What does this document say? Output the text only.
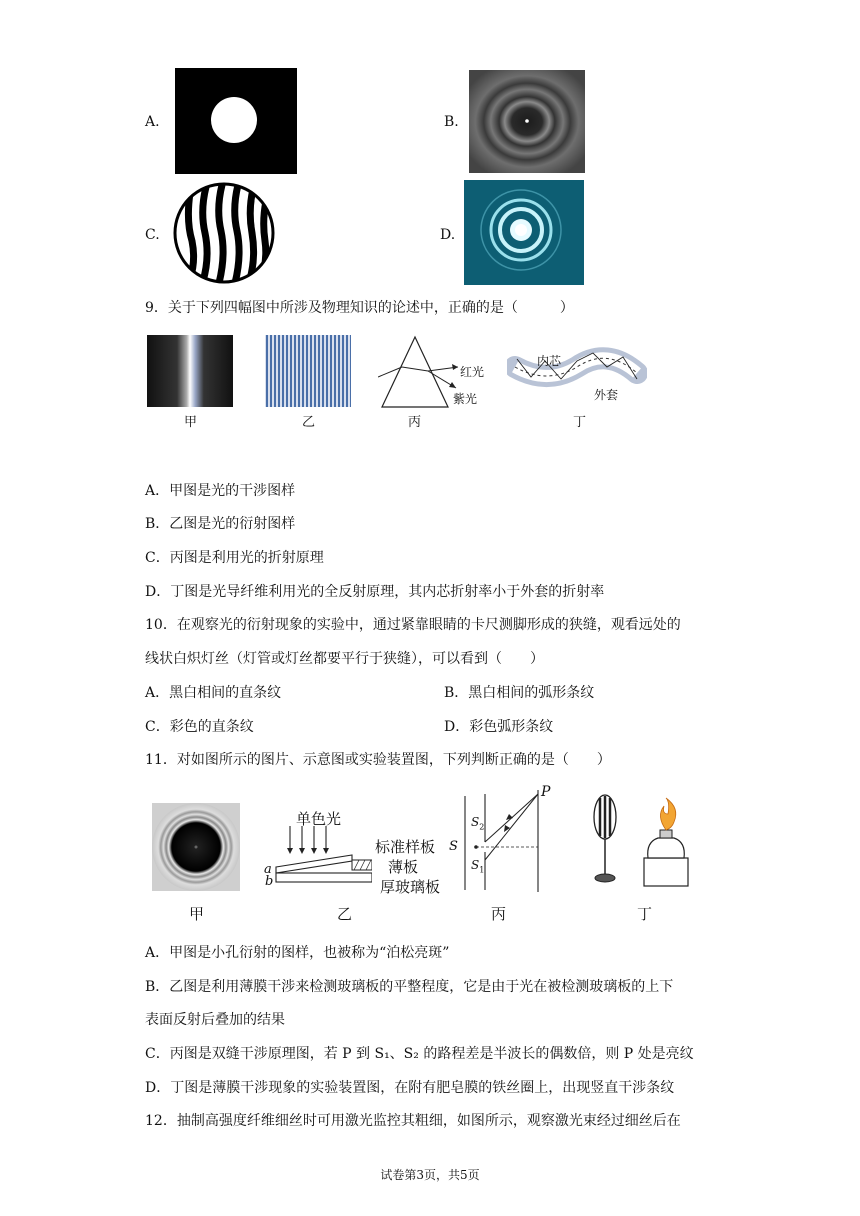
A.	B.
C.	D.
9．关于下列四幅图中所涉及物理知识的论述中，正确的是（　　　）
甲	乙
红光
紫光
丙
内芯
外套
丁
A．甲图是光的干涉图样
B．乙图是光的衍射图样
C．丙图是利用光的折射原理
D．丁图是光导纤维利用光的全反射原理，其内芯折射率小于外套的折射率
10．在观察光的衍射现象的实验中，通过紧靠眼睛的卡尺测脚形成的狭缝，观看远处的
线状白炽灯丝（灯管或灯丝都要平行于狭缝），可以看到（　　）
A．黑白相间的直条纹	B．黑白相间的弧形条纹
C．彩色的直条纹	D．彩色弧形条纹
11．对如图所示的图片、示意图或实验装置图，下列判断正确的是（　　）
甲
单色光
标准样板
薄板
厚玻璃板
a
b
乙
P
S
$S_2$
$S_1$
丙	丁
A．甲图是小孔衍射的图样，也被称为“泊松亮斑”
B．乙图是利用薄膜干涉来检测玻璃板的平整程度，它是由于光在被检测玻璃板的上下
表面反射后叠加的结果
C．丙图是双缝干涉原理图，若 P 到 S₁、S₂ 的路程差是半波长的偶数倍，则 P 处是亮纹
D．丁图是薄膜干涉现象的实验装置图，在附有肥皂膜的铁丝圈上，出现竖直干涉条纹
12．抽制高强度纤维细丝时可用激光监控其粗细，如图所示，观察激光束经过细丝后在
试卷第3页，共5页
